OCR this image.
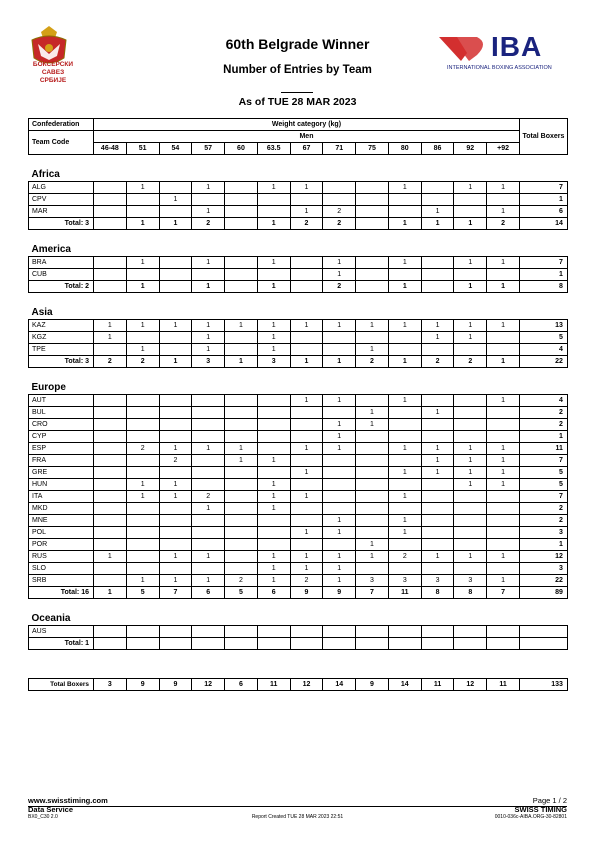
БОКСЕРСКИ
САВЕЗ СРБИЈЕ
60th Belgrade Winner
Number of Entries by Team
As of TUE 28 MAR 2023
IBA
INTERNATIONAL BOXING ASSOCIATION
Confederation	Weight category (kg)													Total Boxers
Team Code	Men													
	46-48	51	54	57	60	63.5	67	71	75	80	86	92	+92	

Africa														
ALG		1		1		1	1			1		1	1	7
CPV			1											1
MAR				1			1	2			1		1	6
Total: 3		1	1	2		1	2	2		1	1	1	2	14

America														
BRA		1		1		1		1		1		1	1	7
CUB								1						1
Total: 2		1		1		1		2		1		1	1	8

Asia														
KAZ	1	1	1	1	1	1	1	1	1	1	1	1	1	13
KGZ	1			1		1					1	1		5
TPE		1		1		1			1					4
Total: 3	2	2	1	3	1	3	1	1	2	1	2	2	1	22

Europe														
AUT							1	1		1			1	4
BUL									1		1			2
CRO								1	1					2
CYP								1						1
ESP		2	1	1	1		1	1		1	1	1	1	11
FRA			2		1	1					1	1	1	7
GRE							1			1	1	1	1	5
HUN		1	1			1						1	1	5
ITA		1	1	2		1	1			1				7
MKD				1		1								2
MNE								1		1				2
POL							1	1		1				3
POR									1					1
RUS	1		1	1		1	1	1	1	2	1	1	1	12
SLO						1	1	1						3
SRB		1	1	1	2	1	2	1	3	3	3	3	1	22
Total: 16	1	5	7	6	5	6	9	9	7	11	8	8	7	89

Oceania														
AUS														
Total: 1														
Total Boxers	3	9	9	12	6	11	12	14	9	14	11	12	11	133
www.swisstiming.com	Page 1 / 2
Data Service	SWISS TIMING
BX0_C30 2.0	Report Created TUE 28 MAR 2023 22:51	0010-036c-AIBA.ORG-30-82801
